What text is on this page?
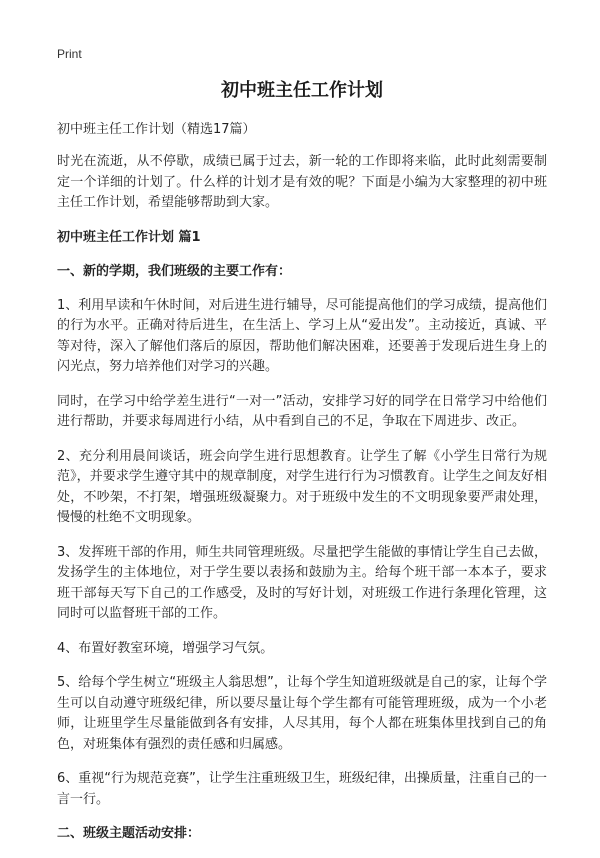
Print
初中班主任工作计划

初中班主任工作计划（精选17篇）

时光在流逝，从不停歇，成绩已属于过去，新一轮的工作即将来临，此时此刻需要制定一个详细的计划了。什么样的计划才是有效的呢？下面是小编为大家整理的初中班主任工作计划，希望能够帮助到大家。

初中班主任工作计划 篇1

一、新的学期，我们班级的主要工作有：

1、利用早读和午休时间，对后进生进行辅导，尽可能提高他们的学习成绩，提高他们的行为水平。正确对待后进生，在生活上、学习上从“爱出发”。主动接近，真诚、平等对待，深入了解他们落后的原因，帮助他们解决困难，还要善于发现后进生身上的闪光点，努力培养他们对学习的兴趣。

同时，在学习中给学差生进行“一对一”活动，安排学习好的同学在日常学习中给他们进行帮助，并要求每周进行小结，从中看到自己的不足，争取在下周进步、改正。

2、充分利用晨间谈话，班会向学生进行思想教育。让学生了解《小学生日常行为规范》，并要求学生遵守其中的规章制度，对学生进行行为习惯教育。让学生之间友好相处，不吵架，不打架，增强班级凝聚力。对于班级中发生的不文明现象要严肃处理，慢慢的杜绝不文明现象。

3、发挥班干部的作用，师生共同管理班级。尽量把学生能做的事情让学生自己去做，发扬学生的主体地位，对于学生要以表扬和鼓励为主。给每个班干部一本本子，要求班干部每天写下自己的工作感受，及时的写好计划，对班级工作进行条理化管理，这同时可以监督班干部的工作。

4、布置好教室环境，增强学习气氛。

5、给每个学生树立“班级主人翁思想”，让每个学生知道班级就是自己的家，让每个学生可以自动遵守班级纪律，所以要尽量让每个学生都有可能管理班级，成为一个小老师，让班里学生尽量能做到各有安排，人尽其用，每个人都在班集体里找到自己的角色，对班集体有强烈的责任感和归属感。

6、重视“行为规范竞赛”，让学生注重班级卫生，班级纪律，出操质量，注重自己的一言一行。

二、班级主题活动安排：
